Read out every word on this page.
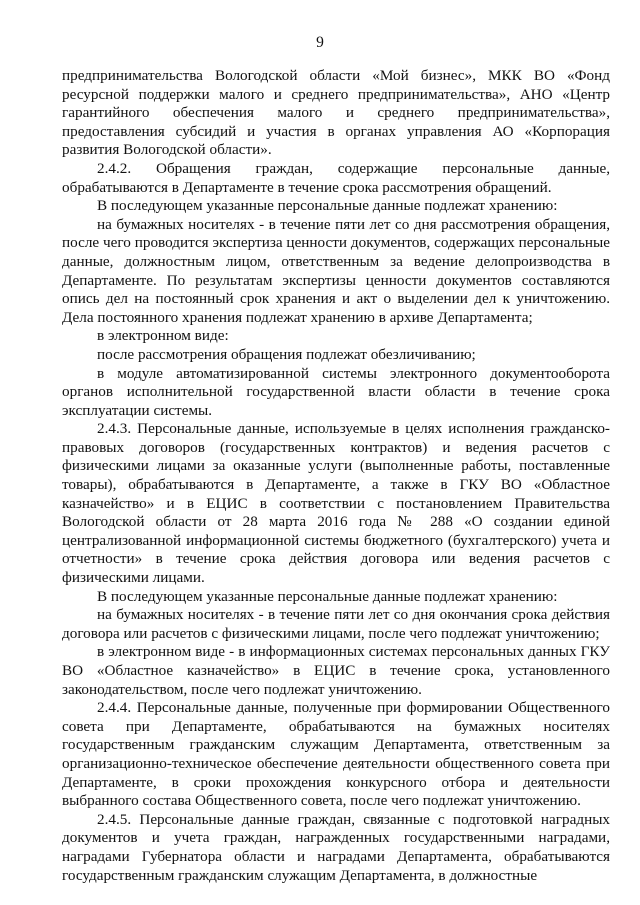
9

предпринимательства Вологодской области «Мой бизнес», МКК ВО «Фонд ресурсной поддержки малого и среднего предпринимательства», АНО «Центр гарантийного обеспечения малого и среднего предпринимательства», предоставления субсидий и участия в органах управления АО «Корпорация развития Вологодской области».

2.4.2. Обращения граждан, содержащие персональные данные, обрабатываются в Департаменте в течение срока рассмотрения обращений.

В последующем указанные персональные данные подлежат хранению:

на бумажных носителях - в течение пяти лет со дня рассмотрения обращения, после чего проводится экспертиза ценности документов, содержащих персональные данные, должностным лицом, ответственным за ведение делопроизводства в Департаменте. По результатам экспертизы ценности документов составляются опись дел на постоянный срок хранения и акт о выделении дел к уничтожению. Дела постоянного хранения подлежат хранению в архиве Департамента;

в электронном виде:

после рассмотрения обращения подлежат обезличиванию;

в модуле автоматизированной системы электронного документооборота органов исполнительной государственной власти области в течение срока эксплуатации системы.

2.4.3. Персональные данные, используемые в целях исполнения гражданско-правовых договоров (государственных контрактов) и ведения расчетов с физическими лицами за оказанные услуги (выполненные работы, поставленные товары), обрабатываются в Департаменте, а также в ГКУ ВО «Областное казначейство» и в ЕЦИС в соответствии с постановлением Правительства Вологодской области от 28 марта 2016 года № 288 «О создании единой централизованной информационной системы бюджетного (бухгалтерского) учета и отчетности» в течение срока действия договора или ведения расчетов с физическими лицами.

В последующем указанные персональные данные подлежат хранению:

на бумажных носителях - в течение пяти лет со дня окончания срока действия договора или расчетов с физическими лицами, после чего подлежат уничтожению;

в электронном виде - в информационных системах персональных данных ГКУ ВО «Областное казначейство» в ЕЦИС в течение срока, установленного законодательством, после чего подлежат уничтожению.

2.4.4. Персональные данные, полученные при формировании Общественного совета при Департаменте, обрабатываются на бумажных носителях государственным гражданским служащим Департамента, ответственным за организационно-техническое обеспечение деятельности общественного совета при Департаменте, в сроки прохождения конкурсного отбора и деятельности выбранного состава Общественного совета, после чего подлежат уничтожению.

2.4.5. Персональные данные граждан, связанные с подготовкой наградных документов и учета граждан, награжденных государственными наградами, наградами Губернатора области и наградами Департамента, обрабатываются государственным гражданским служащим Департамента, в должностные
